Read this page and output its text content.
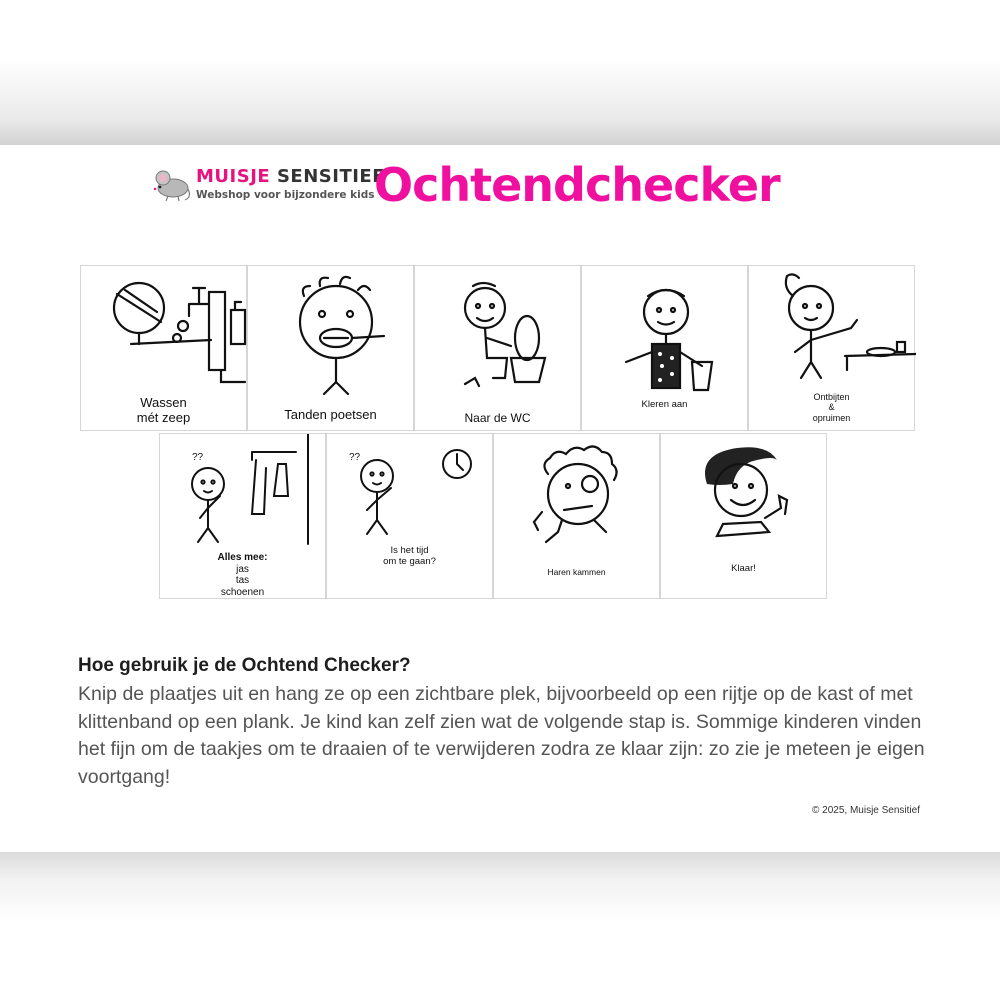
MUISJE SENSITIEF
Webshop voor bijzondere kids Ochtendchecker
Wassen
mét zeep	Tanden poetsen	Naar de WC
Kleren aan
Ontbijten
&
opruimen
??
Alles mee:
jas
tas
schoenen
??
Is het tijd
om te gaan?
Haren kammen	Klaar!
Hoe gebruik je de Ochtend Checker?

Knip de plaatjes uit en hang ze op een zichtbare plek, bijvoorbeeld op een rijtje op de kast of met klittenband op een plank. Je kind kan zelf zien wat de volgende stap is. Sommige kinderen vinden het fijn om de taakjes om te draaien of te verwijderen zodra ze klaar zijn: zo zie je meteen je eigen voortgang!

© 2025, Muisje Sensitief
